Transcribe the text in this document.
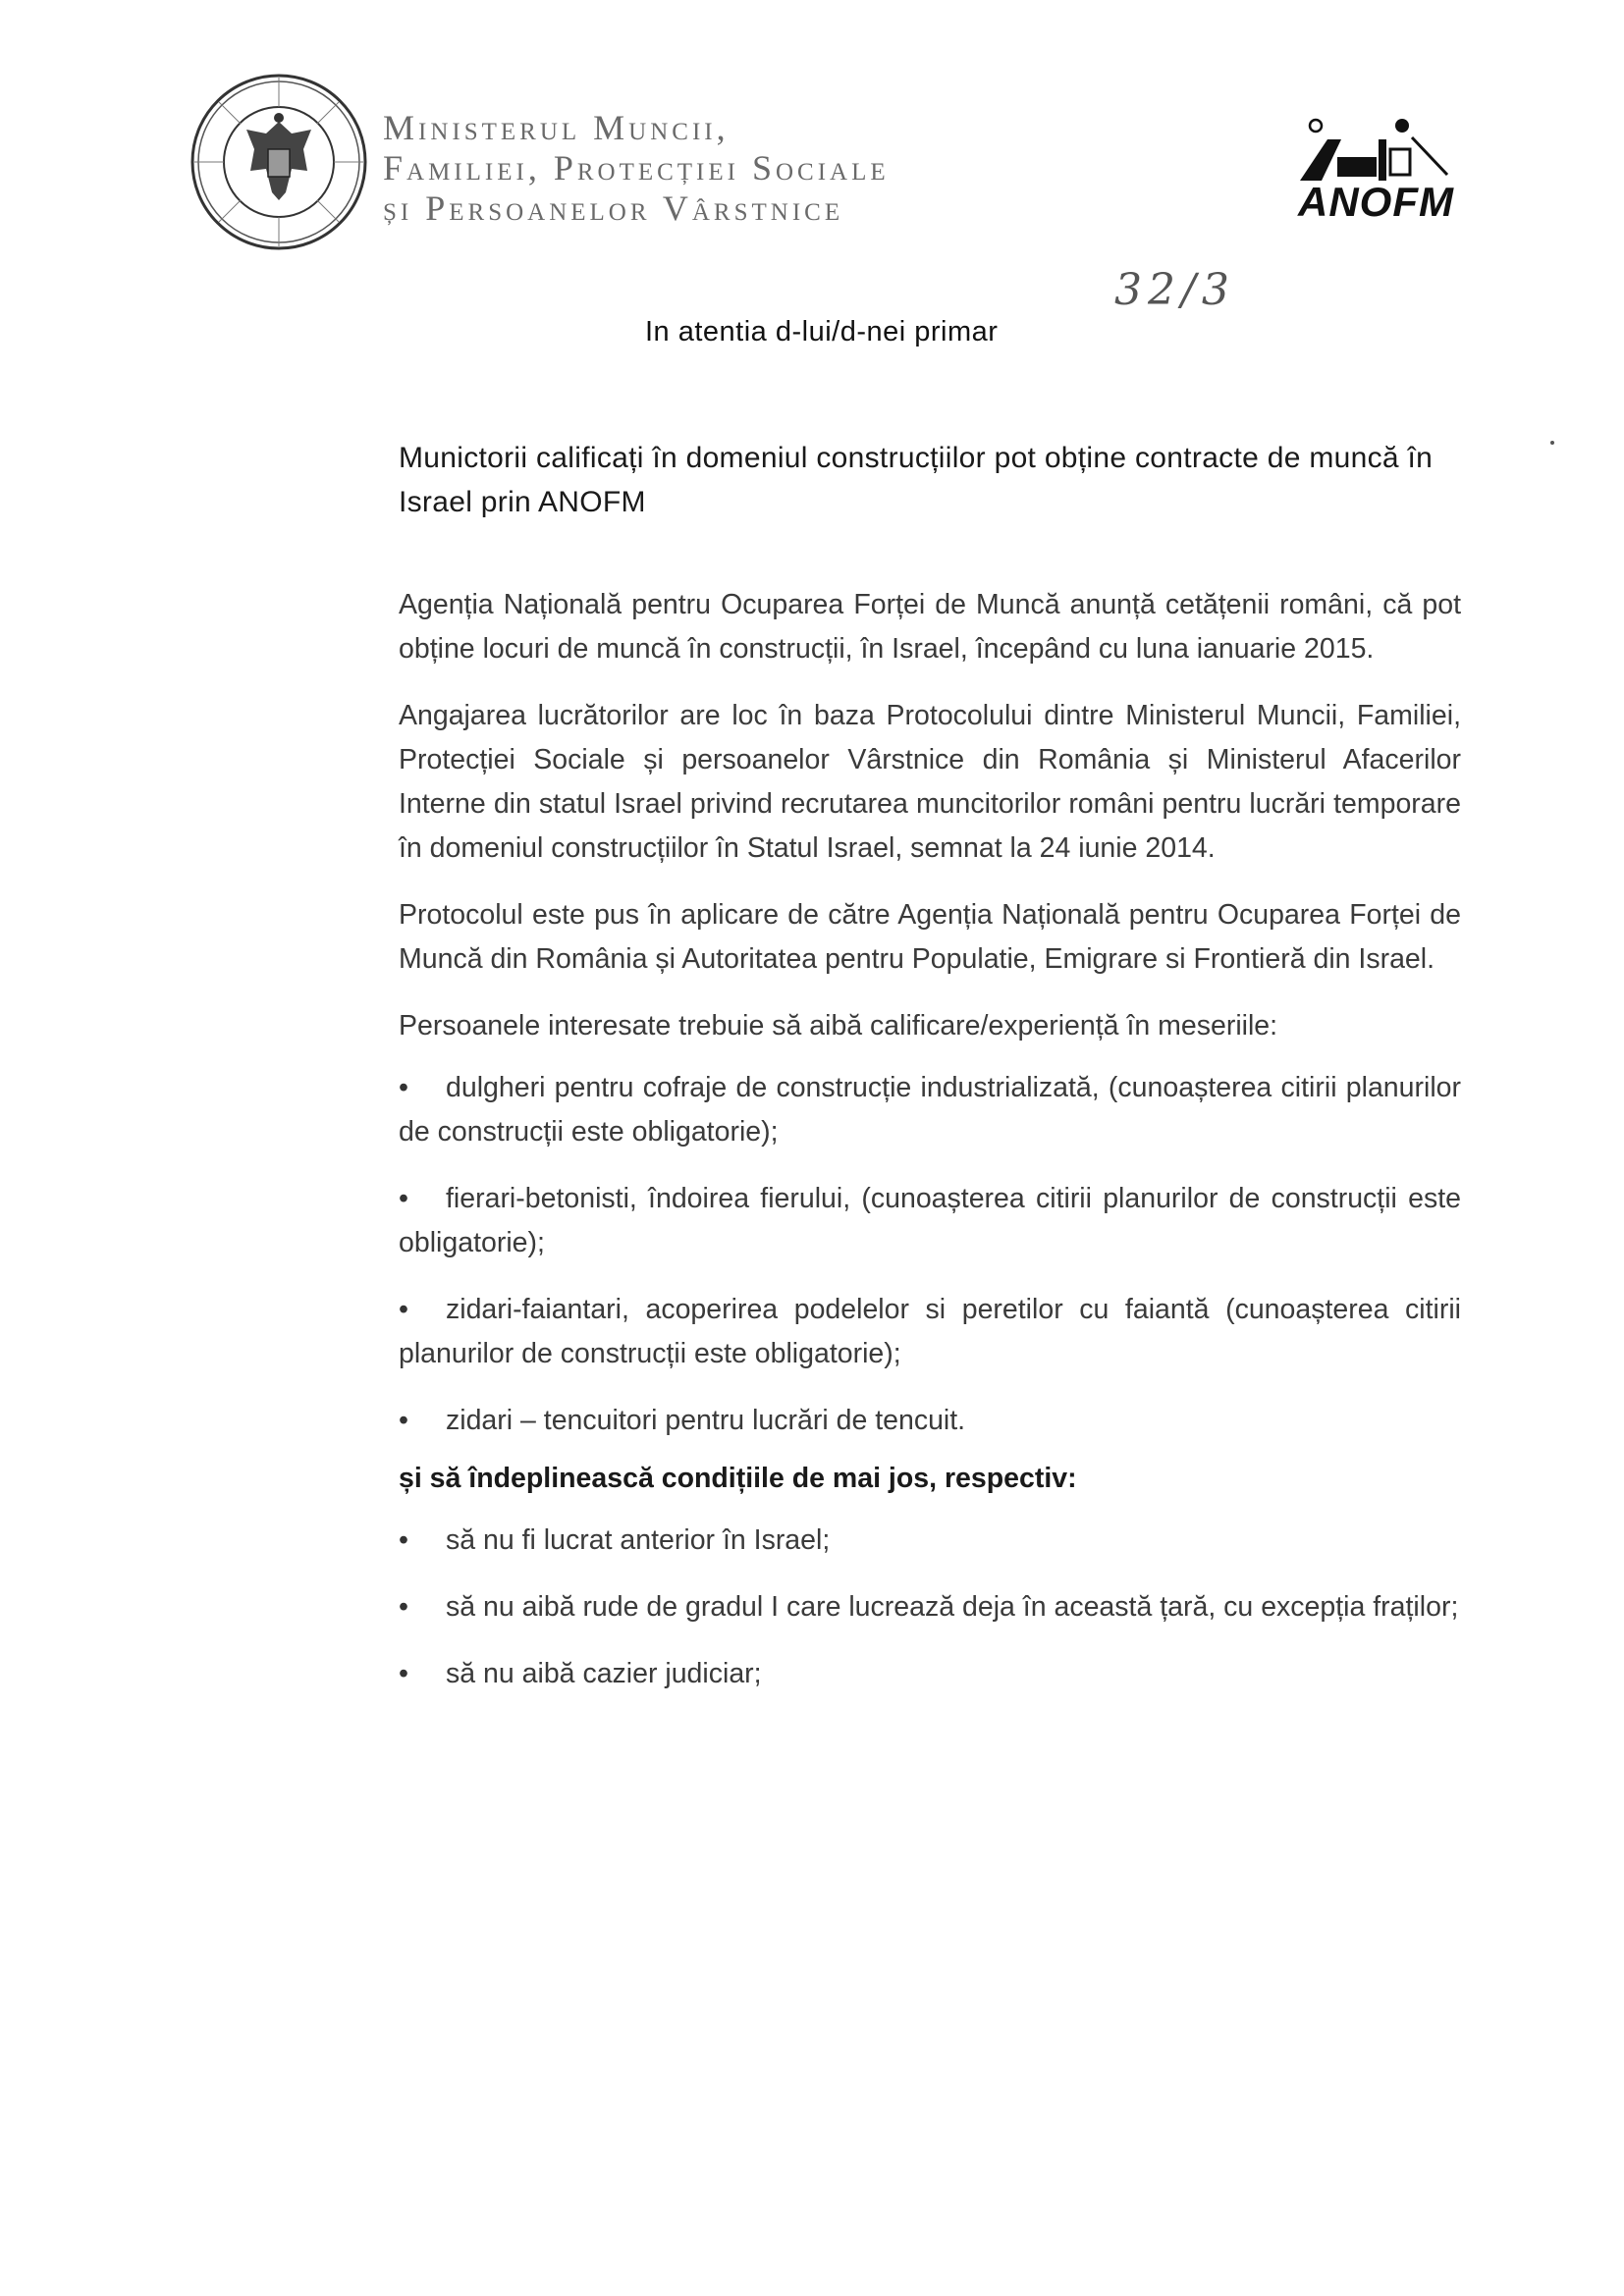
Ministerul Muncii,
Familiei, Protecției Sociale
și Persoanelor Vârstnice	ANOFM
32/3
In atentia d-lui/d-nei primar
Munictorii calificați în domeniul construcțiilor pot obține contracte de muncă în Israel prin ANOFM

Agenția Națională pentru Ocuparea Forței de Muncă anunță cetățenii români, că pot obține locuri de muncă în construcții, în Israel, începând cu luna ianuarie 2015.

Angajarea lucrătorilor are loc în baza Protocolului dintre Ministerul Muncii, Familiei, Protecției Sociale și persoanelor Vârstnice din România și Ministerul Afacerilor Interne din statul Israel privind recrutarea muncitorilor români pentru lucrări temporare în domeniul construcțiilor în Statul Israel, semnat la 24 iunie 2014.

Protocolul este pus în aplicare de către Agenția Națională pentru Ocuparea Forței de Muncă din România și Autoritatea pentru Populatie, Emigrare si Frontieră din Israel.

Persoanele interesate trebuie să aibă calificare/experiență în meseriile:

• dulgheri pentru cofraje de construcție industrializată, (cunoașterea citirii planurilor de construcții este obligatorie);

• fierari-betonisti, îndoirea fierului, (cunoașterea citirii planurilor de construcții este obligatorie);

• zidari-faiantari, acoperirea podelelor si peretilor cu faiantă (cunoașterea citirii planurilor de construcții este obligatorie);

• zidari – tencuitori pentru lucrări de tencuit.

și să îndeplinească condițiile de mai jos, respectiv:

• să nu fi lucrat anterior în Israel;

• să nu aibă rude de gradul I care lucrează deja în această țară, cu excepția fraților;

• să nu aibă cazier judiciar;
